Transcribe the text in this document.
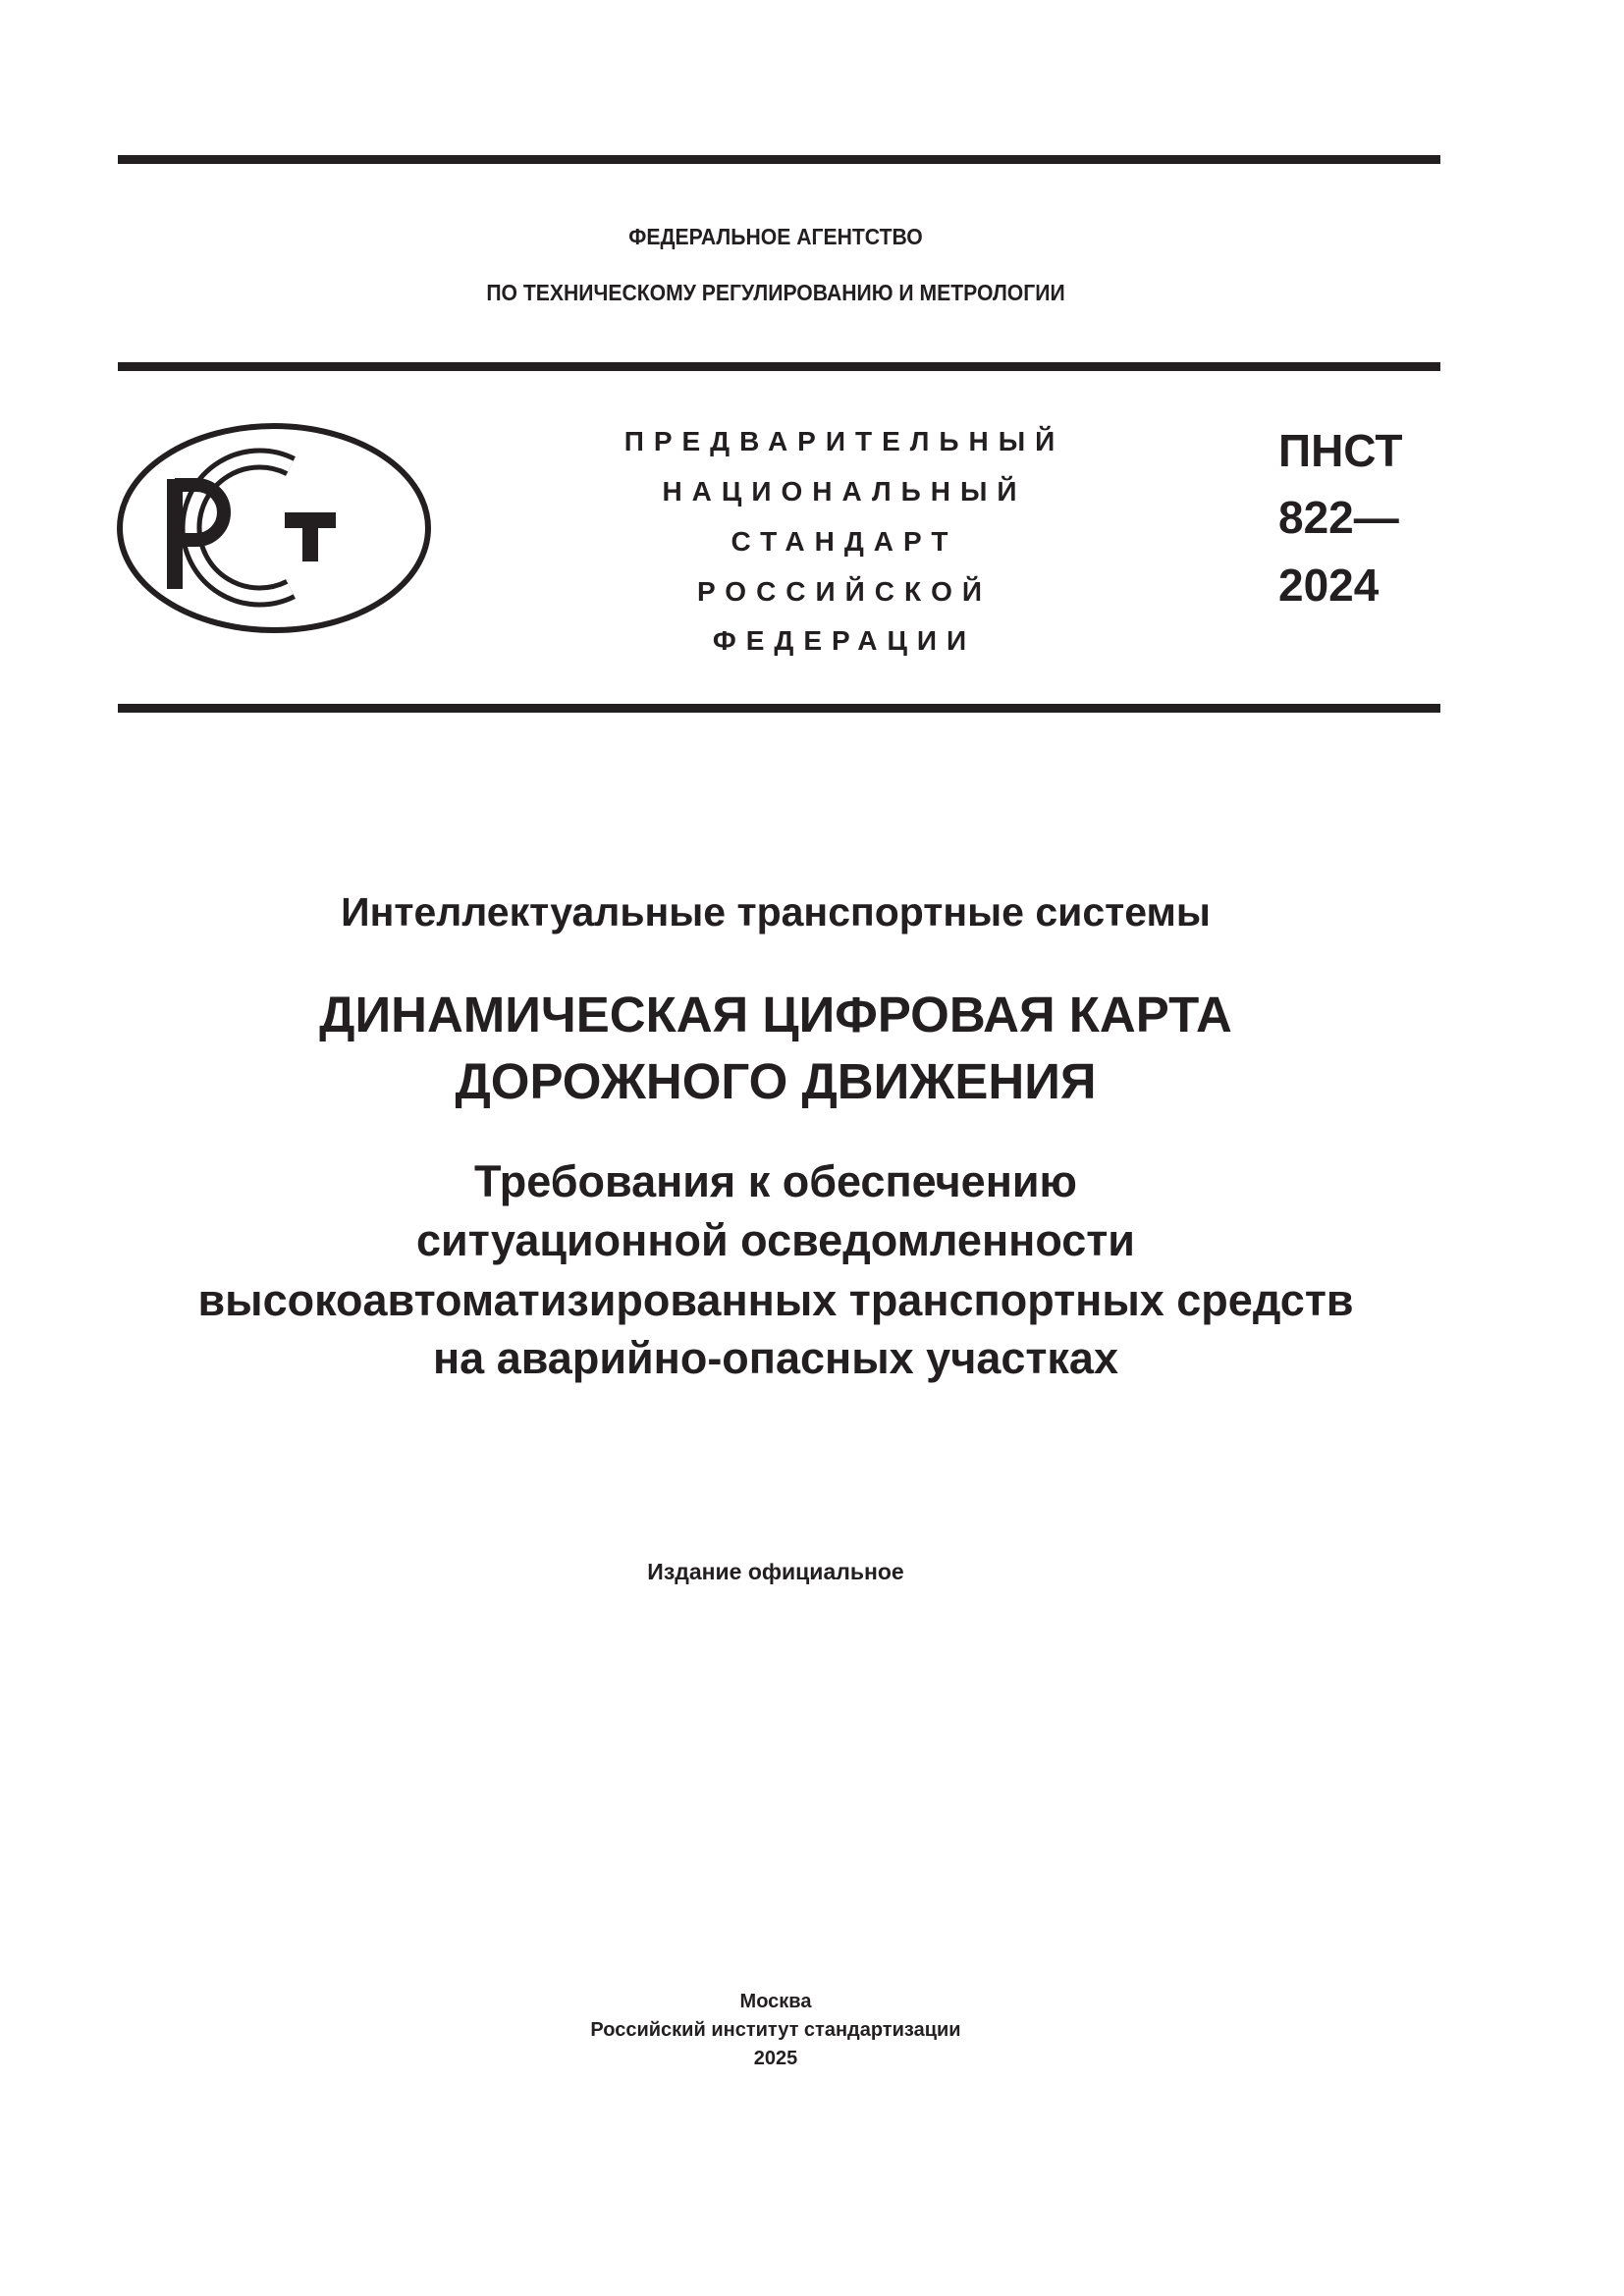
ФЕДЕРАЛЬНОЕ АГЕНТСТВО
ПО ТЕХНИЧЕСКОМУ РЕГУЛИРОВАНИЮ И МЕТРОЛОГИИ
ПРЕДВАРИТЕЛЬНЫЙ
НАЦИОНАЛЬНЫЙ
СТАНДАРТ
РОССИЙСКОЙ
ФЕДЕРАЦИИ
ПНСТ
822—
2024
Интеллектуальные транспортные системы
ДИНАМИЧЕСКАЯ ЦИФРОВАЯ КАРТА
ДОРОЖНОГО ДВИЖЕНИЯ
Требования к обеспечению
ситуационной осведомленности
высокоавтоматизированных транспортных средств
на аварийно-опасных участках
Издание официальное
Москва
Российский институт стандартизации
2025
